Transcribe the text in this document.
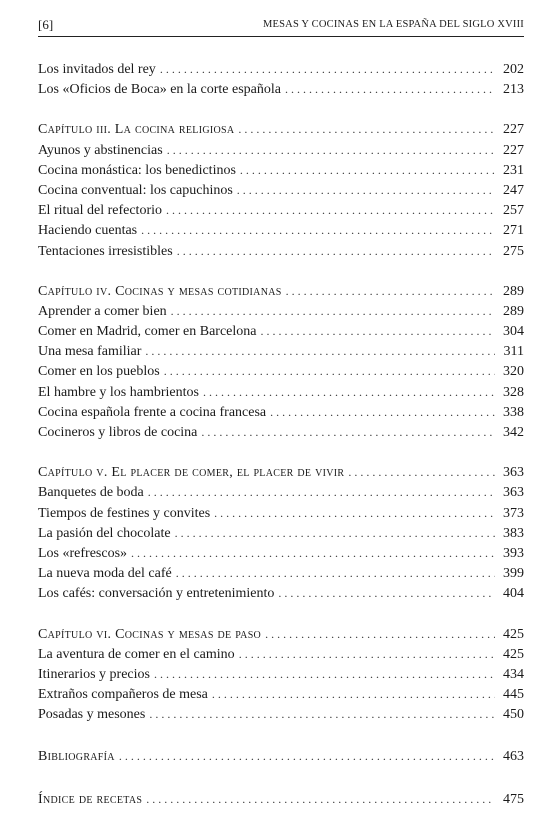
[6]	MESAS Y COCINAS EN LA ESPAÑA DEL SIGLO XVIII
Los invitados del rey . . .	202
Los «Oficios de Boca» en la corte española . . .	213
Capítulo iii. La cocina religiosa . . .	227
Ayunos y abstinencias . . .	227
Cocina monástica: los benedictinos . . .	231
Cocina conventual: los capuchinos . . .	247
El ritual del refectorio . . .	257
Haciendo cuentas . . .	271
Tentaciones irresistibles . . .	275
Capítulo iv. Cocinas y mesas cotidianas . . .	289
Aprender a comer bien . . .	289
Comer en Madrid, comer en Barcelona . . .	304
Una mesa familiar . . .	311
Comer en los pueblos . . .	320
El hambre y los hambrientos . . .	328
Cocina española frente a cocina francesa . . .	338
Cocineros y libros de cocina . . .	342
Capítulo v. El placer de comer, el placer de vivir . . .	363
Banquetes de boda . . .	363
Tiempos de festines y convites . . .	373
La pasión del chocolate . . .	383
Los «refrescos» . . .	393
La nueva moda del café . . .	399
Los cafés: conversación y entretenimiento . . .	404
Capítulo vi. Cocinas y mesas de paso . . .	425
La aventura de comer en el camino . . .	425
Itinerarios y precios . . .	434
Extraños compañeros de mesa . . .	445
Posadas y mesones . . .	450
Bibliografía . . .	463
Índice de recetas . . .	475
